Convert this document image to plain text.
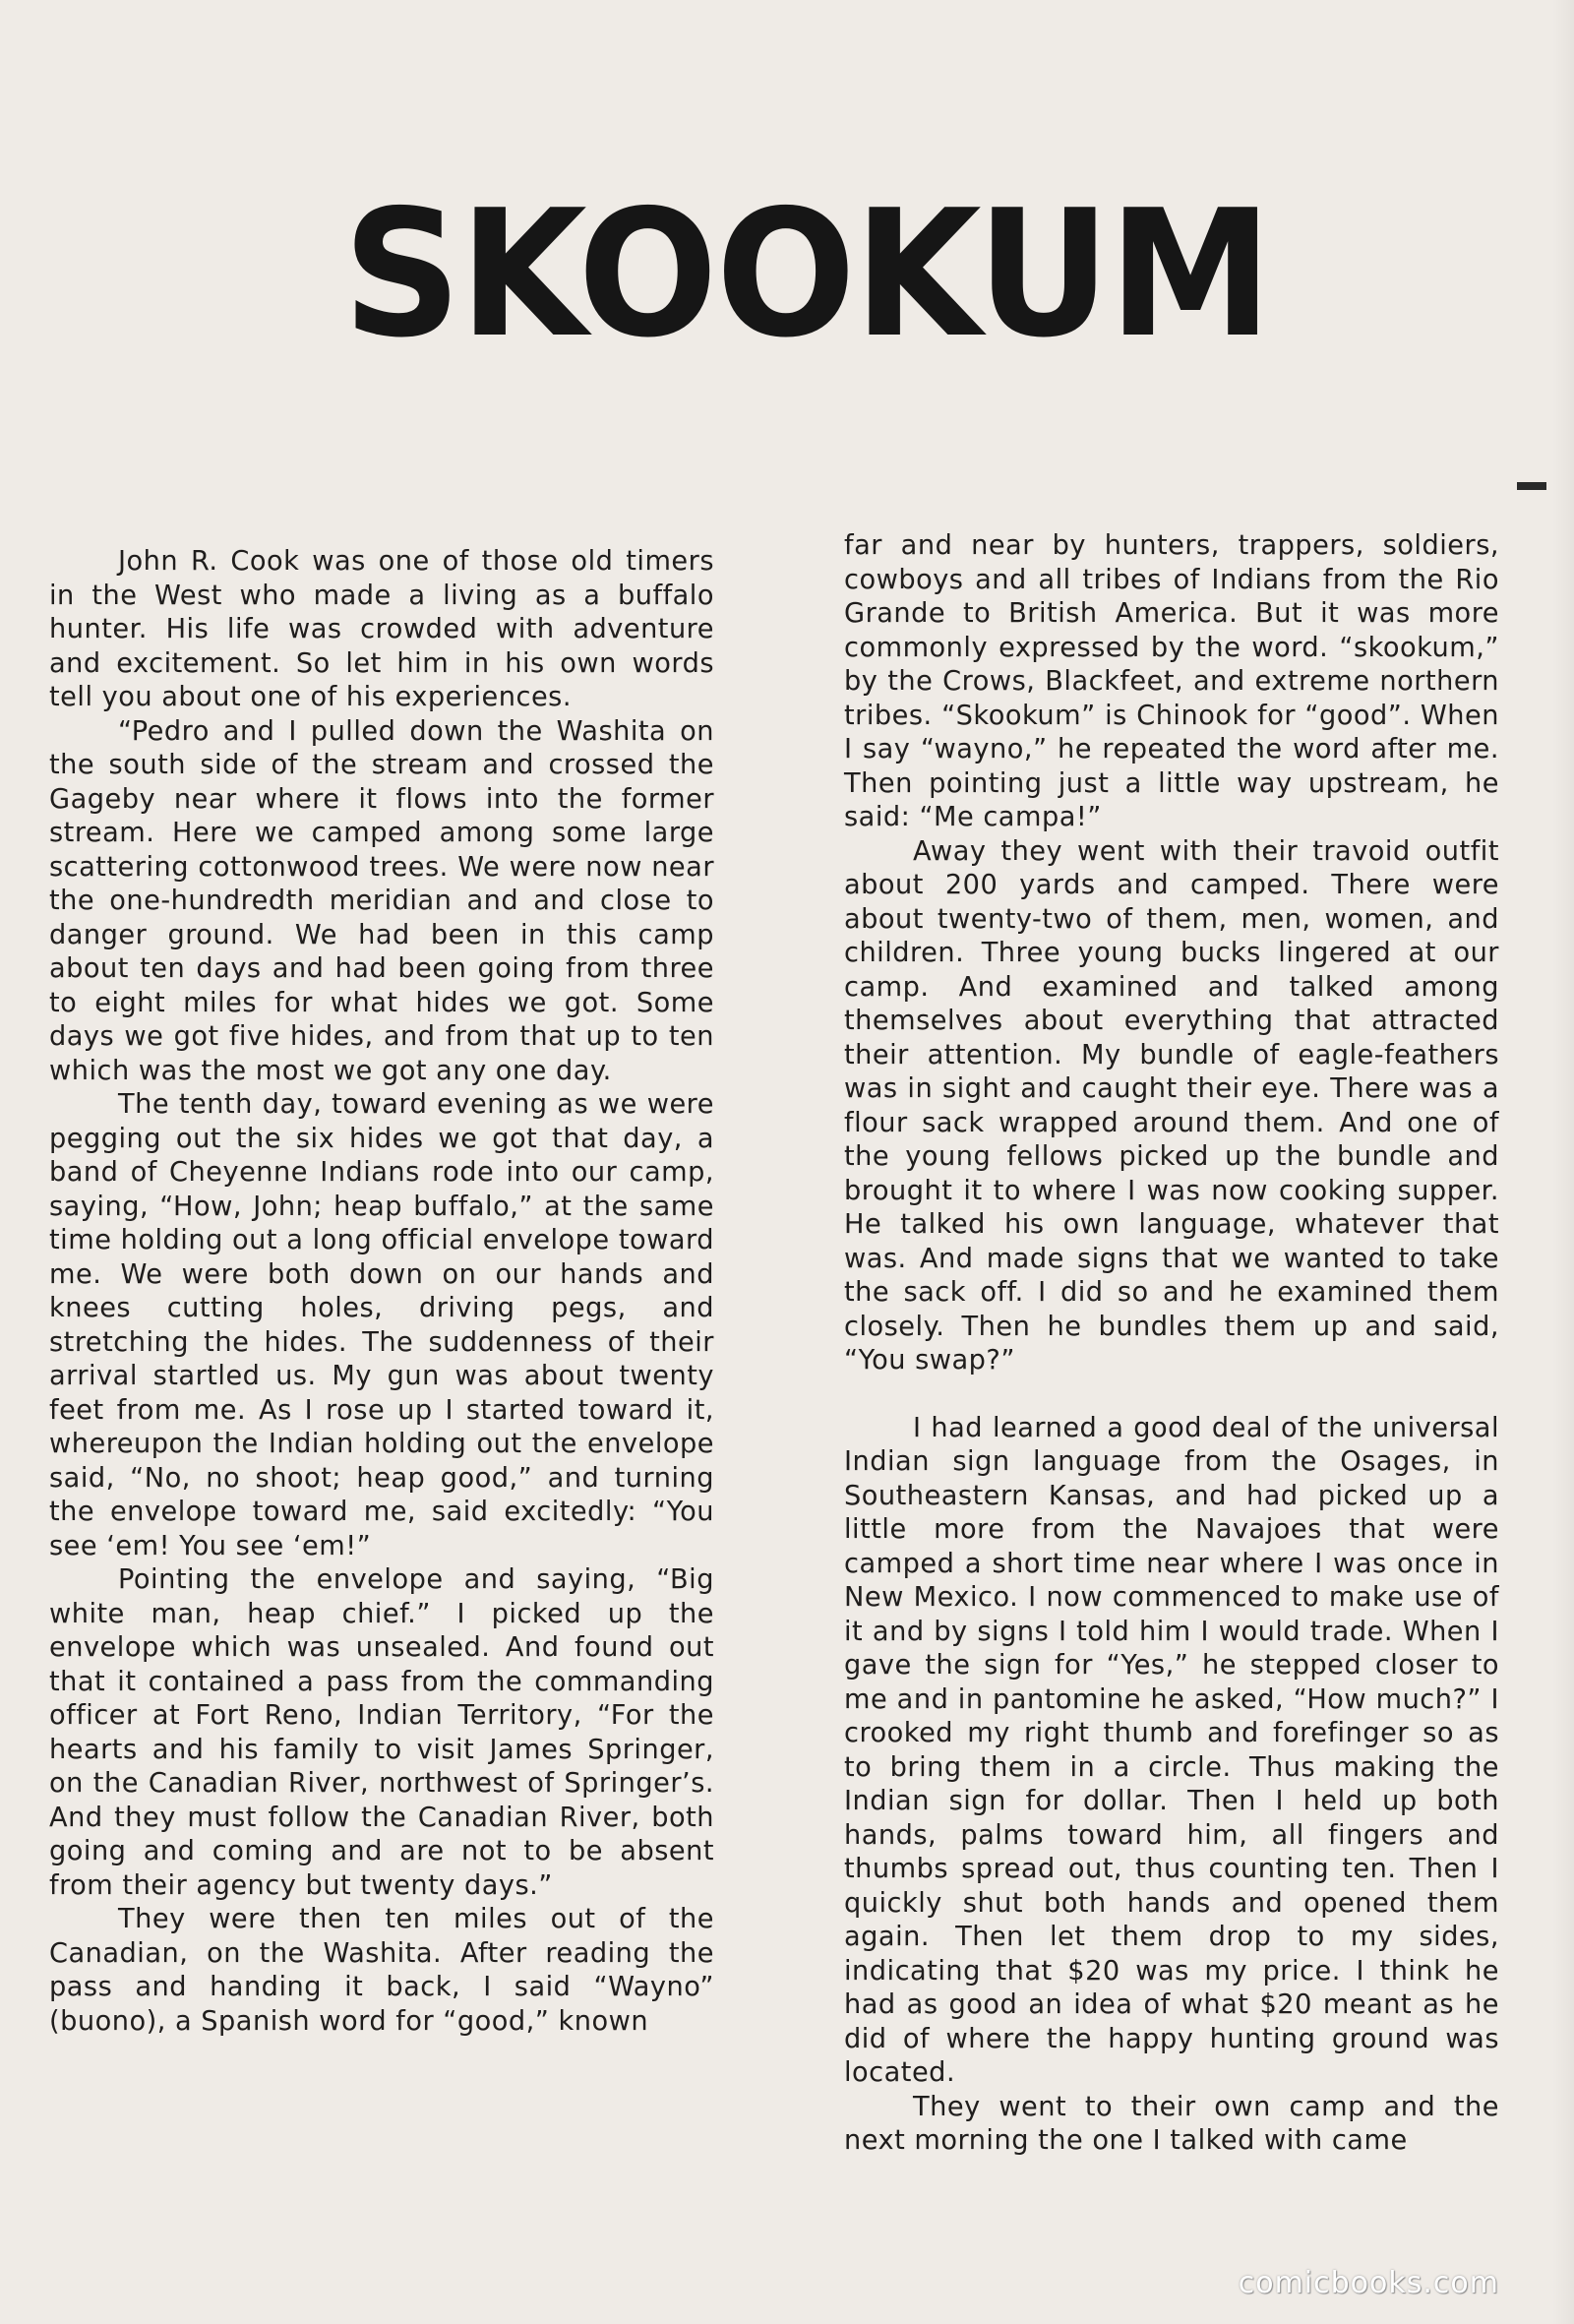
SKOOKUM

John R. Cook was one of those old timers in the West who made a living as a buffalo hunter. His life was crowded with adventure and excitement. So let him in his own words tell you about one of his experiences.

“Pedro and I pulled down the Washita on the south side of the stream and crossed the Gageby near where it flows into the former stream. Here we camped among some large scattering cottonwood trees. We were now near the one-hundredth meridian and and close to danger ground. We had been in this camp about ten days and had been going from three to eight miles for what hides we got. Some days we got five hides, and from that up to ten which was the most we got any one day.

The tenth day, toward evening as we were pegging out the six hides we got that day, a band of Cheyenne Indians rode into our camp, saying, “How, John; heap buffalo,” at the same time holding out a long official envelope toward me. We were both down on our hands and knees cutting holes, driving pegs, and stretching the hides. The suddenness of their arrival startled us. My gun was about twenty feet from me. As I rose up I started toward it, whereupon the Indian holding out the envelope said, “No, no shoot; heap good,” and turning the envelope toward me, said excitedly: “You see ‘em! You see ‘em!”

Pointing the envelope and saying, “Big white man, heap chief.” I picked up the envelope which was unsealed. And found out that it contained a pass from the commanding officer at Fort Reno, Indian Territory, “For the hearts and his family to visit James Springer, on the Canadian River, northwest of Springer’s. And they must follow the Canadian River, both going and coming and are not to be absent from their agency but twenty days.”

They were then ten miles out of the Canadian, on the Washita. After reading the pass and handing it back, I said “Wayno” (buono), a Spanish word for “good,” known

far and near by hunters, trappers, soldiers, cowboys and all tribes of Indians from the Rio Grande to British America. But it was more commonly expressed by the word. “skookum,” by the Crows, Blackfeet, and extreme northern tribes. “Skookum” is Chinook for “good”. When I say “wayno,” he repeated the word after me. Then pointing just a little way upstream, he said: “Me campa!”

Away they went with their travoid outfit about 200 yards and camped. There were about twenty-two of them, men, women, and children. Three young bucks lingered at our camp. And examined and talked among themselves about everything that attracted their attention. My bundle of eagle-feathers was in sight and caught their eye. There was a flour sack wrapped around them. And one of the young fellows picked up the bundle and brought it to where I was now cooking supper. He talked his own language, whatever that was. And made signs that we wanted to take the sack off. I did so and he examined them closely. Then he bundles them up and said, “You swap?”

I had learned a good deal of the universal Indian sign language from the Osages, in Southeastern Kansas, and had picked up a little more from the Navajoes that were camped a short time near where I was once in New Mexico. I now commenced to make use of it and by signs I told him I would trade. When I gave the sign for “Yes,” he stepped closer to me and in pantomine he asked, “How much?” I crooked my right thumb and forefinger so as to bring them in a circle. Thus making the Indian sign for dollar. Then I held up both hands, palms toward him, all fingers and thumbs spread out, thus counting ten. Then I quickly shut both hands and opened them again. Then let them drop to my sides, indicating that $20 was my price. I think he had as good an idea of what $20 meant as he did of where the happy hunting ground was located.

They went to their own camp and the next morning the one I talked with came

comicbooks.com
